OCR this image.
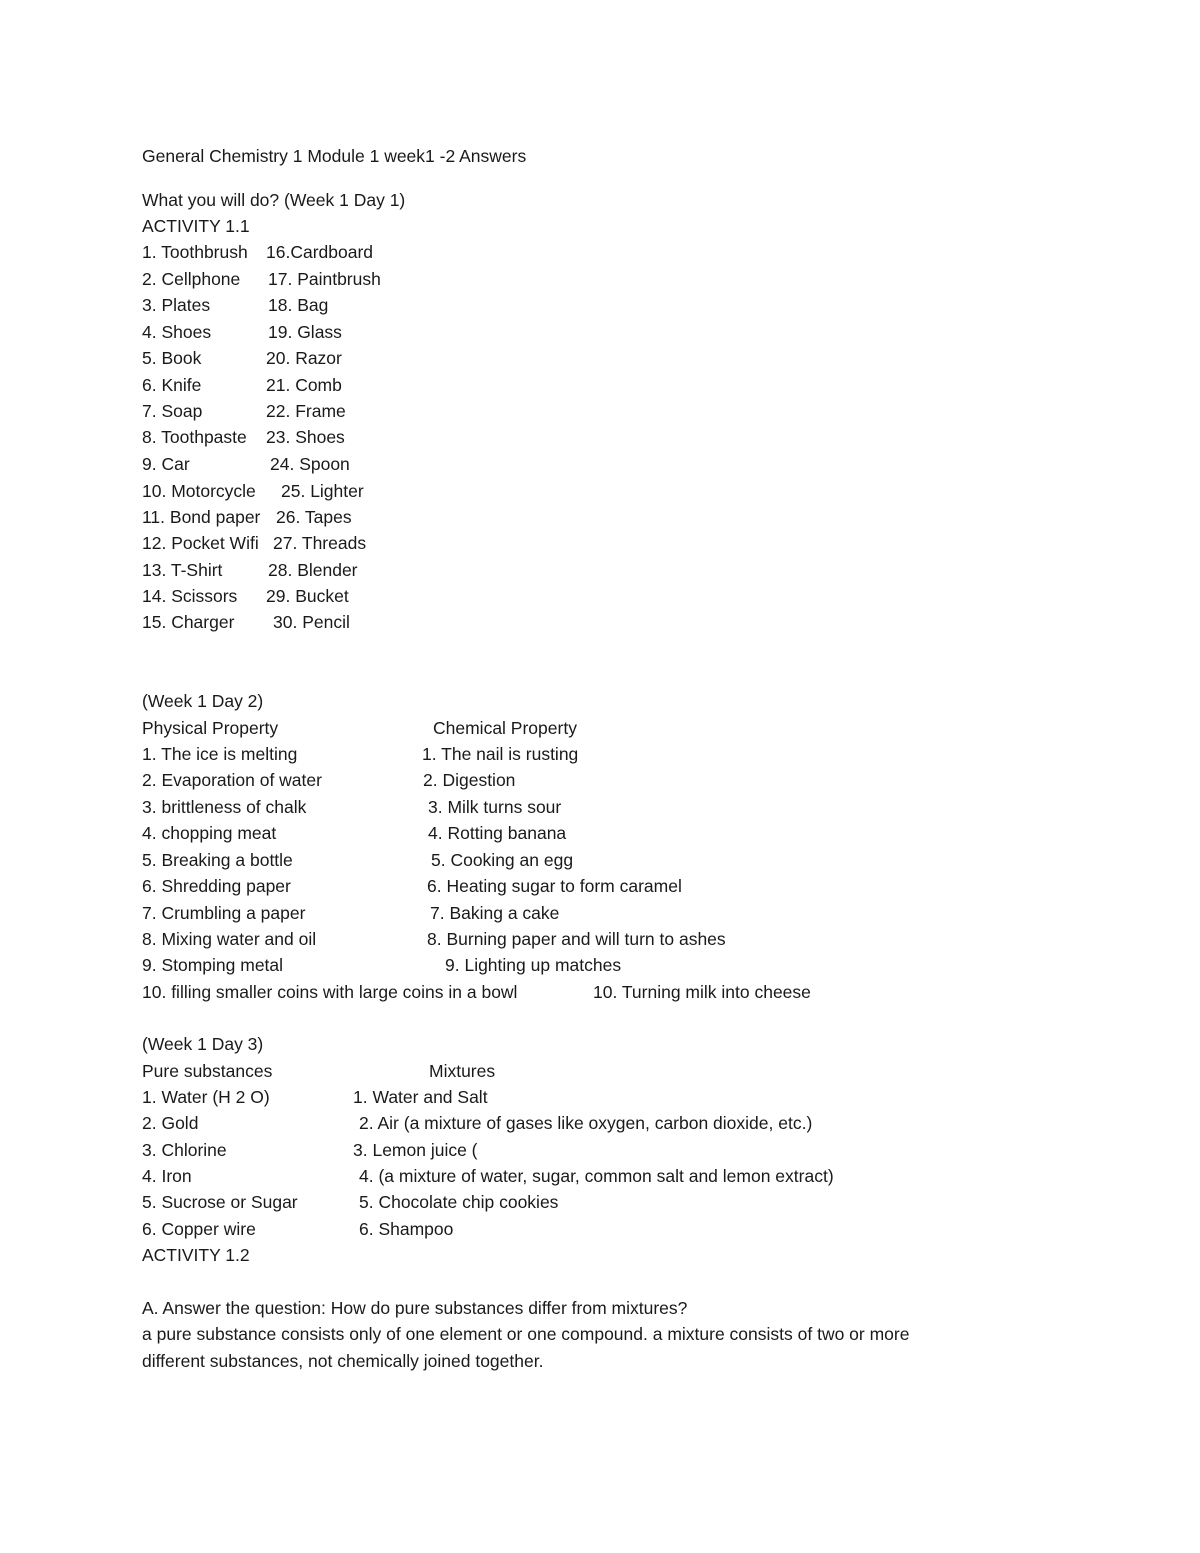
General Chemistry 1 Module 1 week1 -2 Answers

What you will do? (Week 1 Day 1)

ACTIVITY 1.1

1. Toothbrush 16.Cardboard
2. Cellphone 17. Paintbrush
3. Plates	18. Bag
4. Shoes	19. Glass
5. Book	20. Razor
6. Knife	21. Comb
7. Soap	22. Frame
8. Toothpaste 23. Shoes
9. Car	24. Spoon
10. Motorcycle 25. Lighter
11. Bond paper 26. Tapes
12. Pocket Wifi 27. Threads
13. T-Shirt	28. Blender
14. Scissors 29. Bucket
15. Charger 30. Pencil

(Week 1 Day 2)

Physical Property	Chemical Property
1. The ice is melting	1. The nail is rusting
2. Evaporation of water	2. Digestion
3. brittleness of chalk	3. Milk turns sour
4. chopping meat	4. Rotting banana
5. Breaking a bottle	5. Cooking an egg
6. Shredding paper	6. Heating sugar to form caramel
7. Crumbling a paper	7. Baking a cake
8. Mixing water and oil	8. Burning paper and will turn to ashes
9. Stomping metal	9. Lighting up matches
10. filling smaller coins with large coins in a bowl	10. Turning milk into cheese

(Week 1 Day 3)

Pure substances	Mixtures
1. Water (H 2 O)	1. Water and Salt
2. Gold	2. Air (a mixture of gases like oxygen, carbon dioxide, etc.)
3. Chlorine	3. Lemon juice (
4. Iron	4. (a mixture of water, sugar, common salt and lemon extract)
5. Sucrose or Sugar	5. Chocolate chip cookies
6. Copper wire	6. Shampoo

ACTIVITY 1.2

A. Answer the question: How do pure substances differ from mixtures?

a pure substance consists only of one element or one compound. a mixture consists of two or more

different substances, not chemically joined together.
